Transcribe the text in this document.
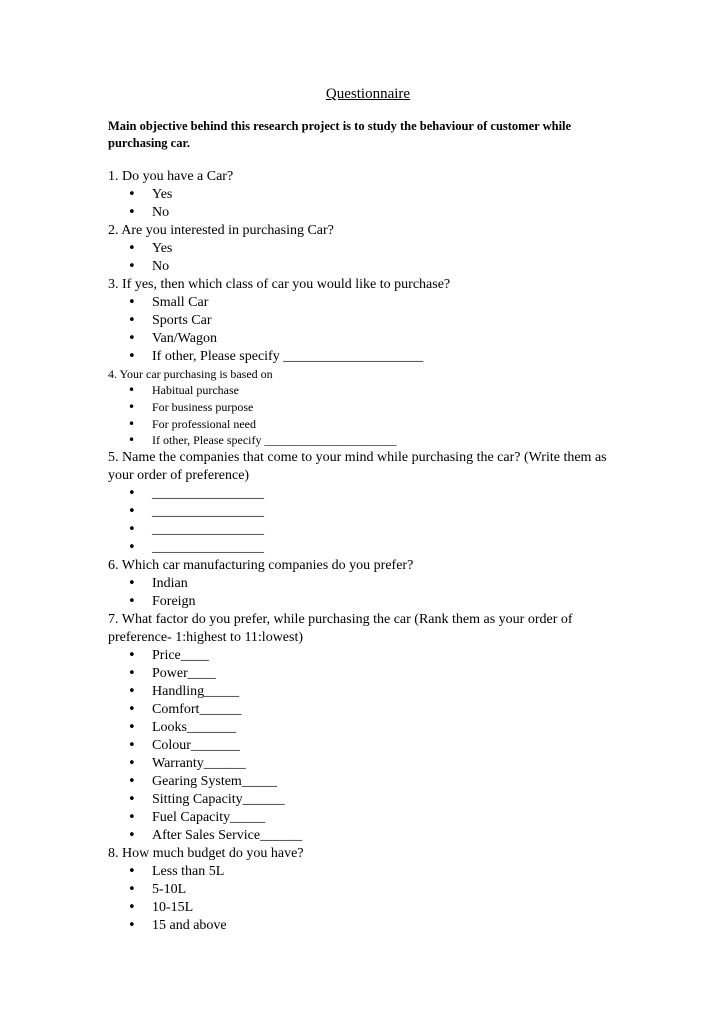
Questionnaire
Main objective behind this research project is to study the behaviour of customer while purchasing car.
1. Do you have a Car?
• Yes
• No
2. Are you interested in purchasing Car?
• Yes
• No
3. If yes, then which class of car you would like to purchase?
• Small Car
• Sports Car
• Van/Wagon
• If other, Please specify ____________________
4. Your car purchasing is based on
• Habitual purchase
• For business purpose
• For professional need
• If other, Please specify ______________________
5. Name the companies that come to your mind while purchasing the car? (Write them as your order of preference)
• ________________
• ________________
• ________________
• ________________
6. Which car manufacturing companies do you prefer?
• Indian
• Foreign
7. What factor do you prefer, while purchasing the car (Rank them as your order of preference- 1:highest to 11:lowest)
• Price____
• Power____
• Handling_____
• Comfort______
• Looks_______
• Colour_______
• Warranty______
• Gearing System_____
• Sitting Capacity______
• Fuel Capacity_____
• After Sales Service______
8. How much budget do you have?
• Less than 5L
• 5-10L
• 10-15L
• 15 and above
